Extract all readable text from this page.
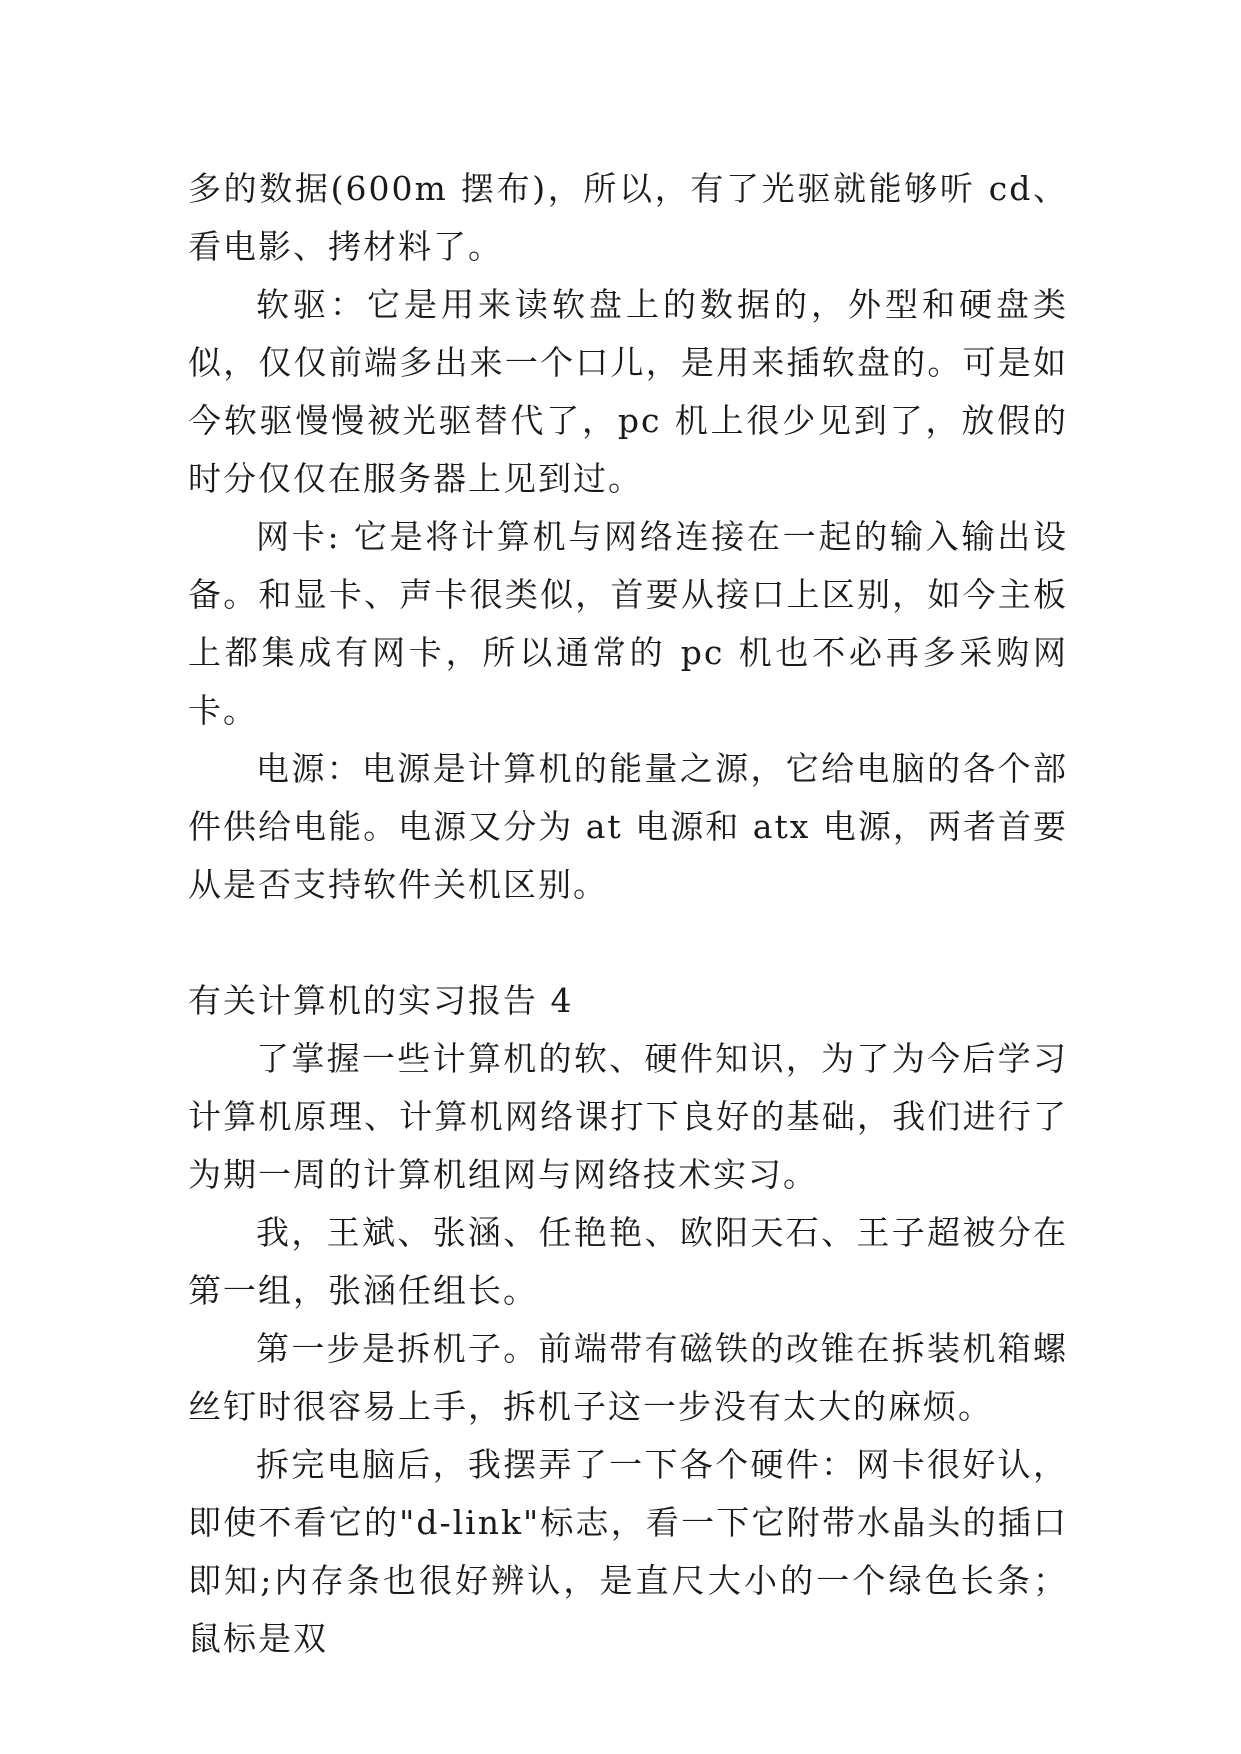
多的数据(600m 摆布)，所以，有了光驱就能够听 cd、看电影、拷材料了。

软驱：它是用来读软盘上的数据的，外型和硬盘类似，仅仅前端多出来一个口儿，是用来插软盘的。可是如今软驱慢慢被光驱替代了，pc 机上很少见到了，放假的时分仅仅在服务器上见到过。

网卡: 它是将计算机与网络连接在一起的输入输出设备。和显卡、声卡很类似，首要从接口上区别，如今主板上都集成有网卡，所以通常的 pc 机也不必再多采购网卡。

电源：电源是计算机的能量之源，它给电脑的各个部件供给电能。电源又分为 at 电源和 atx 电源，两者首要从是否支持软件关机区别。

有关计算机的实习报告 4

了掌握一些计算机的软、硬件知识，为了为今后学习计算机原理、计算机网络课打下良好的基础，我们进行了为期一周的计算机组网与网络技术实习。

我，王斌、张涵、任艳艳、欧阳天石、王子超被分在第一组，张涵任组长。

第一步是拆机子。前端带有磁铁的改锥在拆装机箱螺丝钉时很容易上手，拆机子这一步没有太大的麻烦。

拆完电脑后，我摆弄了一下各个硬件：网卡很好认，即使不看它的"d-link"标志，看一下它附带水晶头的插口即知;内存条也很好辨认，是直尺大小的一个绿色长条；鼠标是双
